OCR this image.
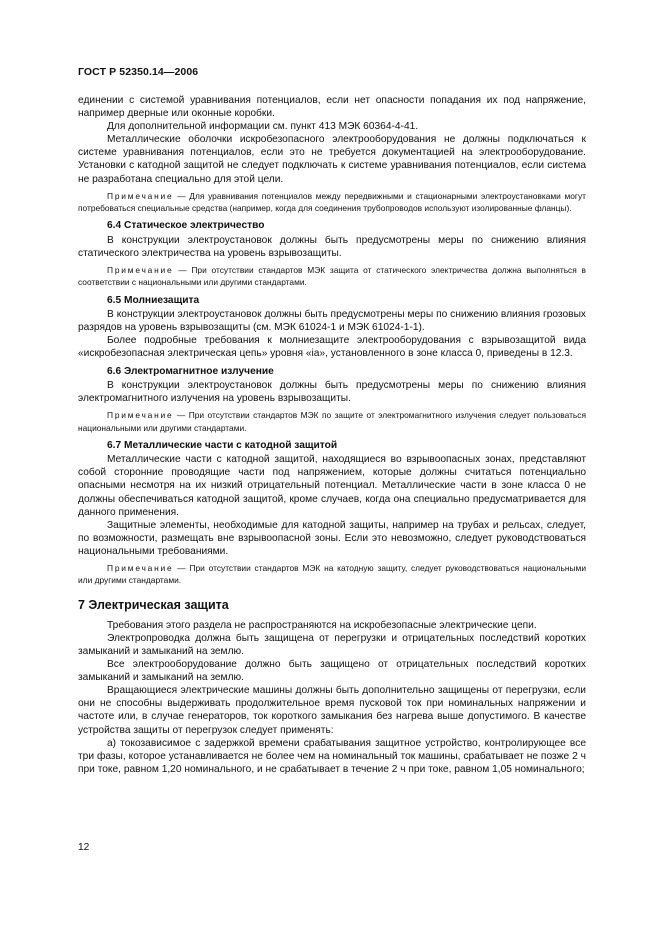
ГОСТ Р 52350.14—2006

единении с системой уравнивания потенциалов, если нет опасности попадания их под напряжение, например дверные или оконные коробки.

Для дополнительной информации см. пункт 413 МЭК 60364-4-41.

Металлические оболочки искробезопасного электрооборудования не должны подключаться к системе уравнивания потенциалов, если это не требуется документацией на электрооборудование. Установки с катодной защитой не следует подключать к системе уравнивания потенциалов, если система не разработана специально для этой цели.

Примечание — Для уравнивания потенциалов между передвижными и стационарными электроустановками могут потребоваться специальные средства (например, когда для соединения трубопроводов используют изолированные фланцы).

6.4 Статическое электричество

В конструкции электроустановок должны быть предусмотрены меры по снижению влияния статического электричества на уровень взрывозащиты.

Примечание — При отсутствии стандартов МЭК защита от статического электричества должна выполняться в соответствии с национальными или другими стандартами.

6.5 Молниезащита

В конструкции электроустановок должны быть предусмотрены меры по снижению влияния грозовых разрядов на уровень взрывозащиты (см. МЭК 61024-1 и МЭК 61024-1-1).

Более подробные требования к молниезащите электрооборудования с взрывозащитой вида «искробезопасная электрическая цепь» уровня «ia», установленного в зоне класса 0, приведены в 12.3.

6.6 Электромагнитное излучение

В конструкции электроустановок должны быть предусмотрены меры по снижению влияния электромагнитного излучения на уровень взрывозащиты.

Примечание — При отсутствии стандартов МЭК по защите от электромагнитного излучения следует пользоваться национальными или другими стандартами.

6.7 Металлические части с катодной защитой

Металлические части с катодной защитой, находящиеся во взрывоопасных зонах, представляют собой сторонние проводящие части под напряжением, которые должны считаться потенциально опасными несмотря на их низкий отрицательный потенциал. Металлические части в зоне класса 0 не должны обеспечиваться катодной защитой, кроме случаев, когда она специально предусматривается для данного применения.

Защитные элементы, необходимые для катодной защиты, например на трубах и рельсах, следует, по возможности, размещать вне взрывоопасной зоны. Если это невозможно, следует руководствоваться национальными требованиями.

Примечание — При отсутствии стандартов МЭК на катодную защиту, следует руководствоваться национальными или другими стандартами.

7 Электрическая защита

Требования этого раздела не распространяются на искробезопасные электрические цепи.

Электропроводка должна быть защищена от перегрузки и отрицательных последствий коротких замыканий и замыканий на землю.

Все электрооборудование должно быть защищено от отрицательных последствий коротких замыканий и замыканий на землю.

Вращающиеся электрические машины должны быть дополнительно защищены от перегрузки, если они не способны выдерживать продолжительное время пусковой ток при номинальных напряжении и частоте или, в случае генераторов, ток короткого замыкания без нагрева выше допустимого. В качестве устройства защиты от перегрузок следует применять:

а) токозависимое с задержкой времени срабатывания защитное устройство, контролирующее все три фазы, которое устанавливается не более чем на номинальный ток машины, срабатывает не позже 2 ч при токе, равном 1,20 номинального, и не срабатывает в течение 2 ч при токе, равном 1,05 номинального;

12
